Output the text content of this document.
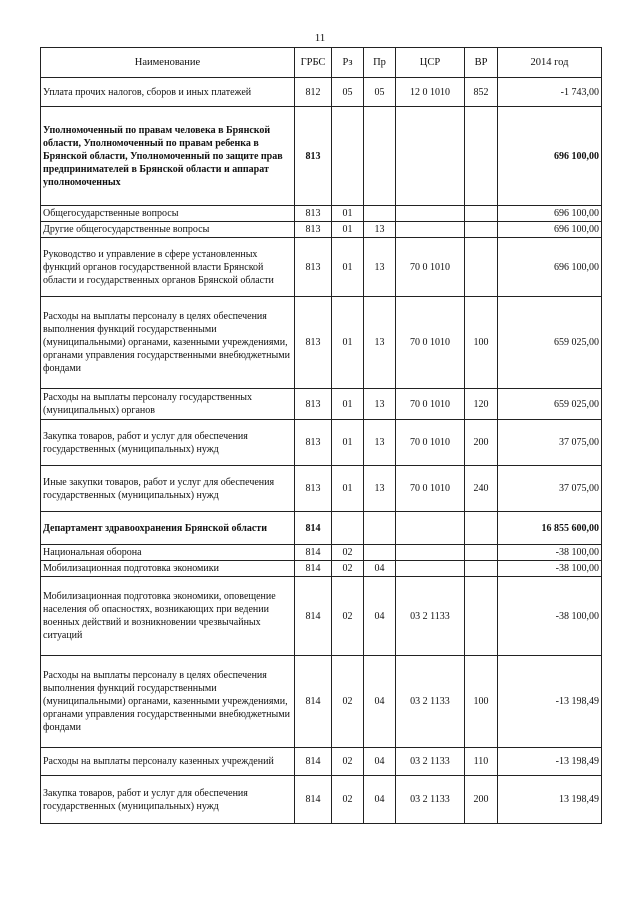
11
Наименование	ГРБС	Рз	Пр	ЦСР	ВР	2014 год
Уплата прочих налогов, сборов и иных платежей	812	05	05	12 0 1010	852	-1 743,00
Уполномоченный по правам человека в Брянской области, Уполномоченный по правам ребенка в Брянской области, Уполномоченный по защите прав предпринимателей в Брянской области и аппарат уполномоченных	813					696 100,00
Общегосударственные вопросы	813	01				696 100,00
Другие общегосударственные вопросы	813	01	13			696 100,00
Руководство и управление в сфере установленных функций органов государственной власти Брянской области и государственных органов Брянской области	813	01	13	70 0 1010		696 100,00
Расходы на выплаты персоналу в целях обеспечения выполнения функций государственными (муниципальными) органами, казенными учреждениями, органами управления государственными внебюджетными фондами	813	01	13	70 0 1010	100	659 025,00
Расходы на выплаты персоналу государственных (муниципальных) органов	813	01	13	70 0 1010	120	659 025,00
Закупка товаров, работ и услуг для обеспечения государственных (муниципальных) нужд	813	01	13	70 0 1010	200	37 075,00
Иные закупки товаров, работ и услуг для обеспечения государственных (муниципальных) нужд	813	01	13	70 0 1010	240	37 075,00
Департамент здравоохранения Брянской области	814					16 855 600,00
Национальная оборона	814	02				-38 100,00
Мобилизационная подготовка экономики	814	02	04			-38 100,00
Мобилизационная подготовка экономики, оповещение населения об опасностях, возникающих при ведении военных действий и возникновении чрезвычайных ситуаций	814	02	04	03 2 1133		-38 100,00
Расходы на выплаты персоналу в целях обеспечения выполнения функций государственными (муниципальными) органами, казенными учреждениями, органами управления государственными внебюджетными фондами	814	02	04	03 2 1133	100	-13 198,49
Расходы на выплаты персоналу казенных учреждений	814	02	04	03 2 1133	110	-13 198,49
Закупка товаров, работ и услуг для обеспечения государственных (муниципальных) нужд	814	02	04	03 2 1133	200	13 198,49
